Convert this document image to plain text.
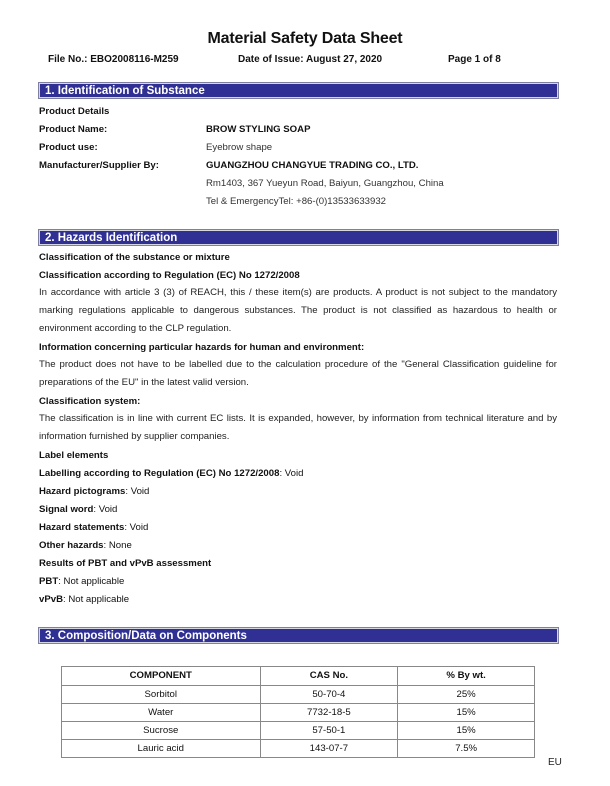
Material Safety Data Sheet
File No.: EBO2008116-M259	Date of Issue: August 27, 2020	Page 1 of 8
1. Identification of Substance
Product Details
Product Name:	BROW STYLING SOAP
Product use:	Eyebrow shape
Manufacturer/Supplier By:	GUANGZHOU CHANGYUE TRADING CO., LTD.
Rm1403, 367 Yueyun Road, Baiyun, Guangzhou, China
Tel & EmergencyTel: +86-(0)13533633932
2. Hazards Identification
Classification of the substance or mixture
Classification according to Regulation (EC) No 1272/2008
In accordance with article 3 (3) of REACH, this / these item(s) are products. A product is not subject to the mandatory marking regulations applicable to dangerous substances. The product is not classified as hazardous to health or environment according to the CLP regulation.
Information concerning particular hazards for human and environment:
The product does not have to be labelled due to the calculation procedure of the "General Classification guideline for preparations of the EU" in the latest valid version.
Classification system:
The classification is in line with current EC lists. It is expanded, however, by information from technical literature and by information furnished by supplier companies.
Label elements
Labelling according to Regulation (EC) No 1272/2008: Void
Hazard pictograms: Void
Signal word: Void
Hazard statements: Void
Other hazards: None
Results of PBT and vPvB assessment
PBT: Not applicable
vPvB: Not applicable
3. Composition/Data on Components
COMPONENT	CAS No.	% By wt.
Sorbitol	50-70-4	25%
Water	7732-18-5	15%
Sucrose	57-50-1	15%
Lauric acid	143-07-7	7.5%
EU
